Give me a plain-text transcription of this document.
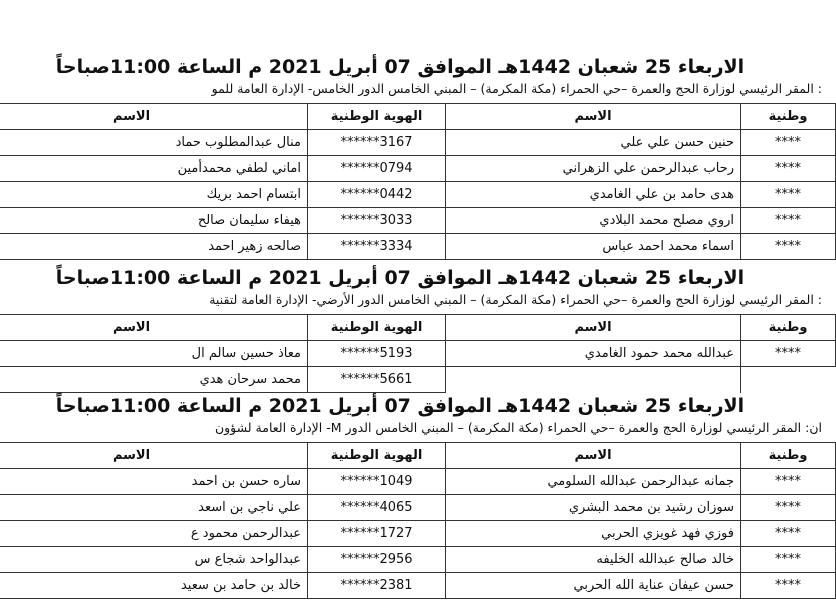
الاربعاء 25 شعبان 1442هـ الموافق 07 أبريل 2021 م الساعة 11:00صباحاً
: المقر الرئيسي لوزارة الحج والعمرة –حي الحمراء (مكة المكرمة) – المبني الخامس الدور الخامس- الإدارة العامة للمو
وطنية	الاسم	الهوية الوطنية	الاسم
****	حنين حسن علي علي	******3167	منال عبدالمطلوب حماد
****	رحاب عبدالرحمن علي الزهراني	******0794	اماني لطفي محمدأمين
****	هدى حامد بن علي الغامدي	******0442	ابتسام احمد بريك
****	اروي مصلح محمد البلادي	******3033	هيفاء سليمان صالح
****	اسماء محمد احمد عباس	******3334	صالحه زهير احمد
الاربعاء 25 شعبان 1442هـ الموافق 07 أبريل 2021 م الساعة 11:00صباحاً
: المقر الرئيسي لوزارة الحج والعمرة –حي الحمراء (مكة المكرمة) – المبني الخامس الدور الأرضي- الإدارة العامة لتقنية
وطنية	الاسم	الهوية الوطنية	الاسم
****	عبدالله محمد حمود الغامدي	******5193	معاذ حسين سالم ال
		******5661	محمد سرحان هدي
الاربعاء 25 شعبان 1442هـ الموافق 07 أبريل 2021 م الساعة 11:00صباحاً
ان: المقر الرئيسي لوزارة الحج والعمرة –حي الحمراء (مكة المكرمة) – المبني الخامس الدور M- الإدارة العامة لشؤون
وطنية	الاسم	الهوية الوطنية	الاسم
****	جمانه عبدالرحمن عبدالله السلومي	******1049	ساره حسن بن احمد
****	سوزان رشيد بن محمد البشري	******4065	علي ناجي بن اسعد
****	فوزي فهد غويزي الحربي	******1727	عبدالرحمن محمود ع
****	خالد صالح عبدالله الخليفه	******2956	عبدالواحد شجاع س
****	حسن عيفان عناية الله الحربي	******2381	خالد بن حامد بن سعيد
